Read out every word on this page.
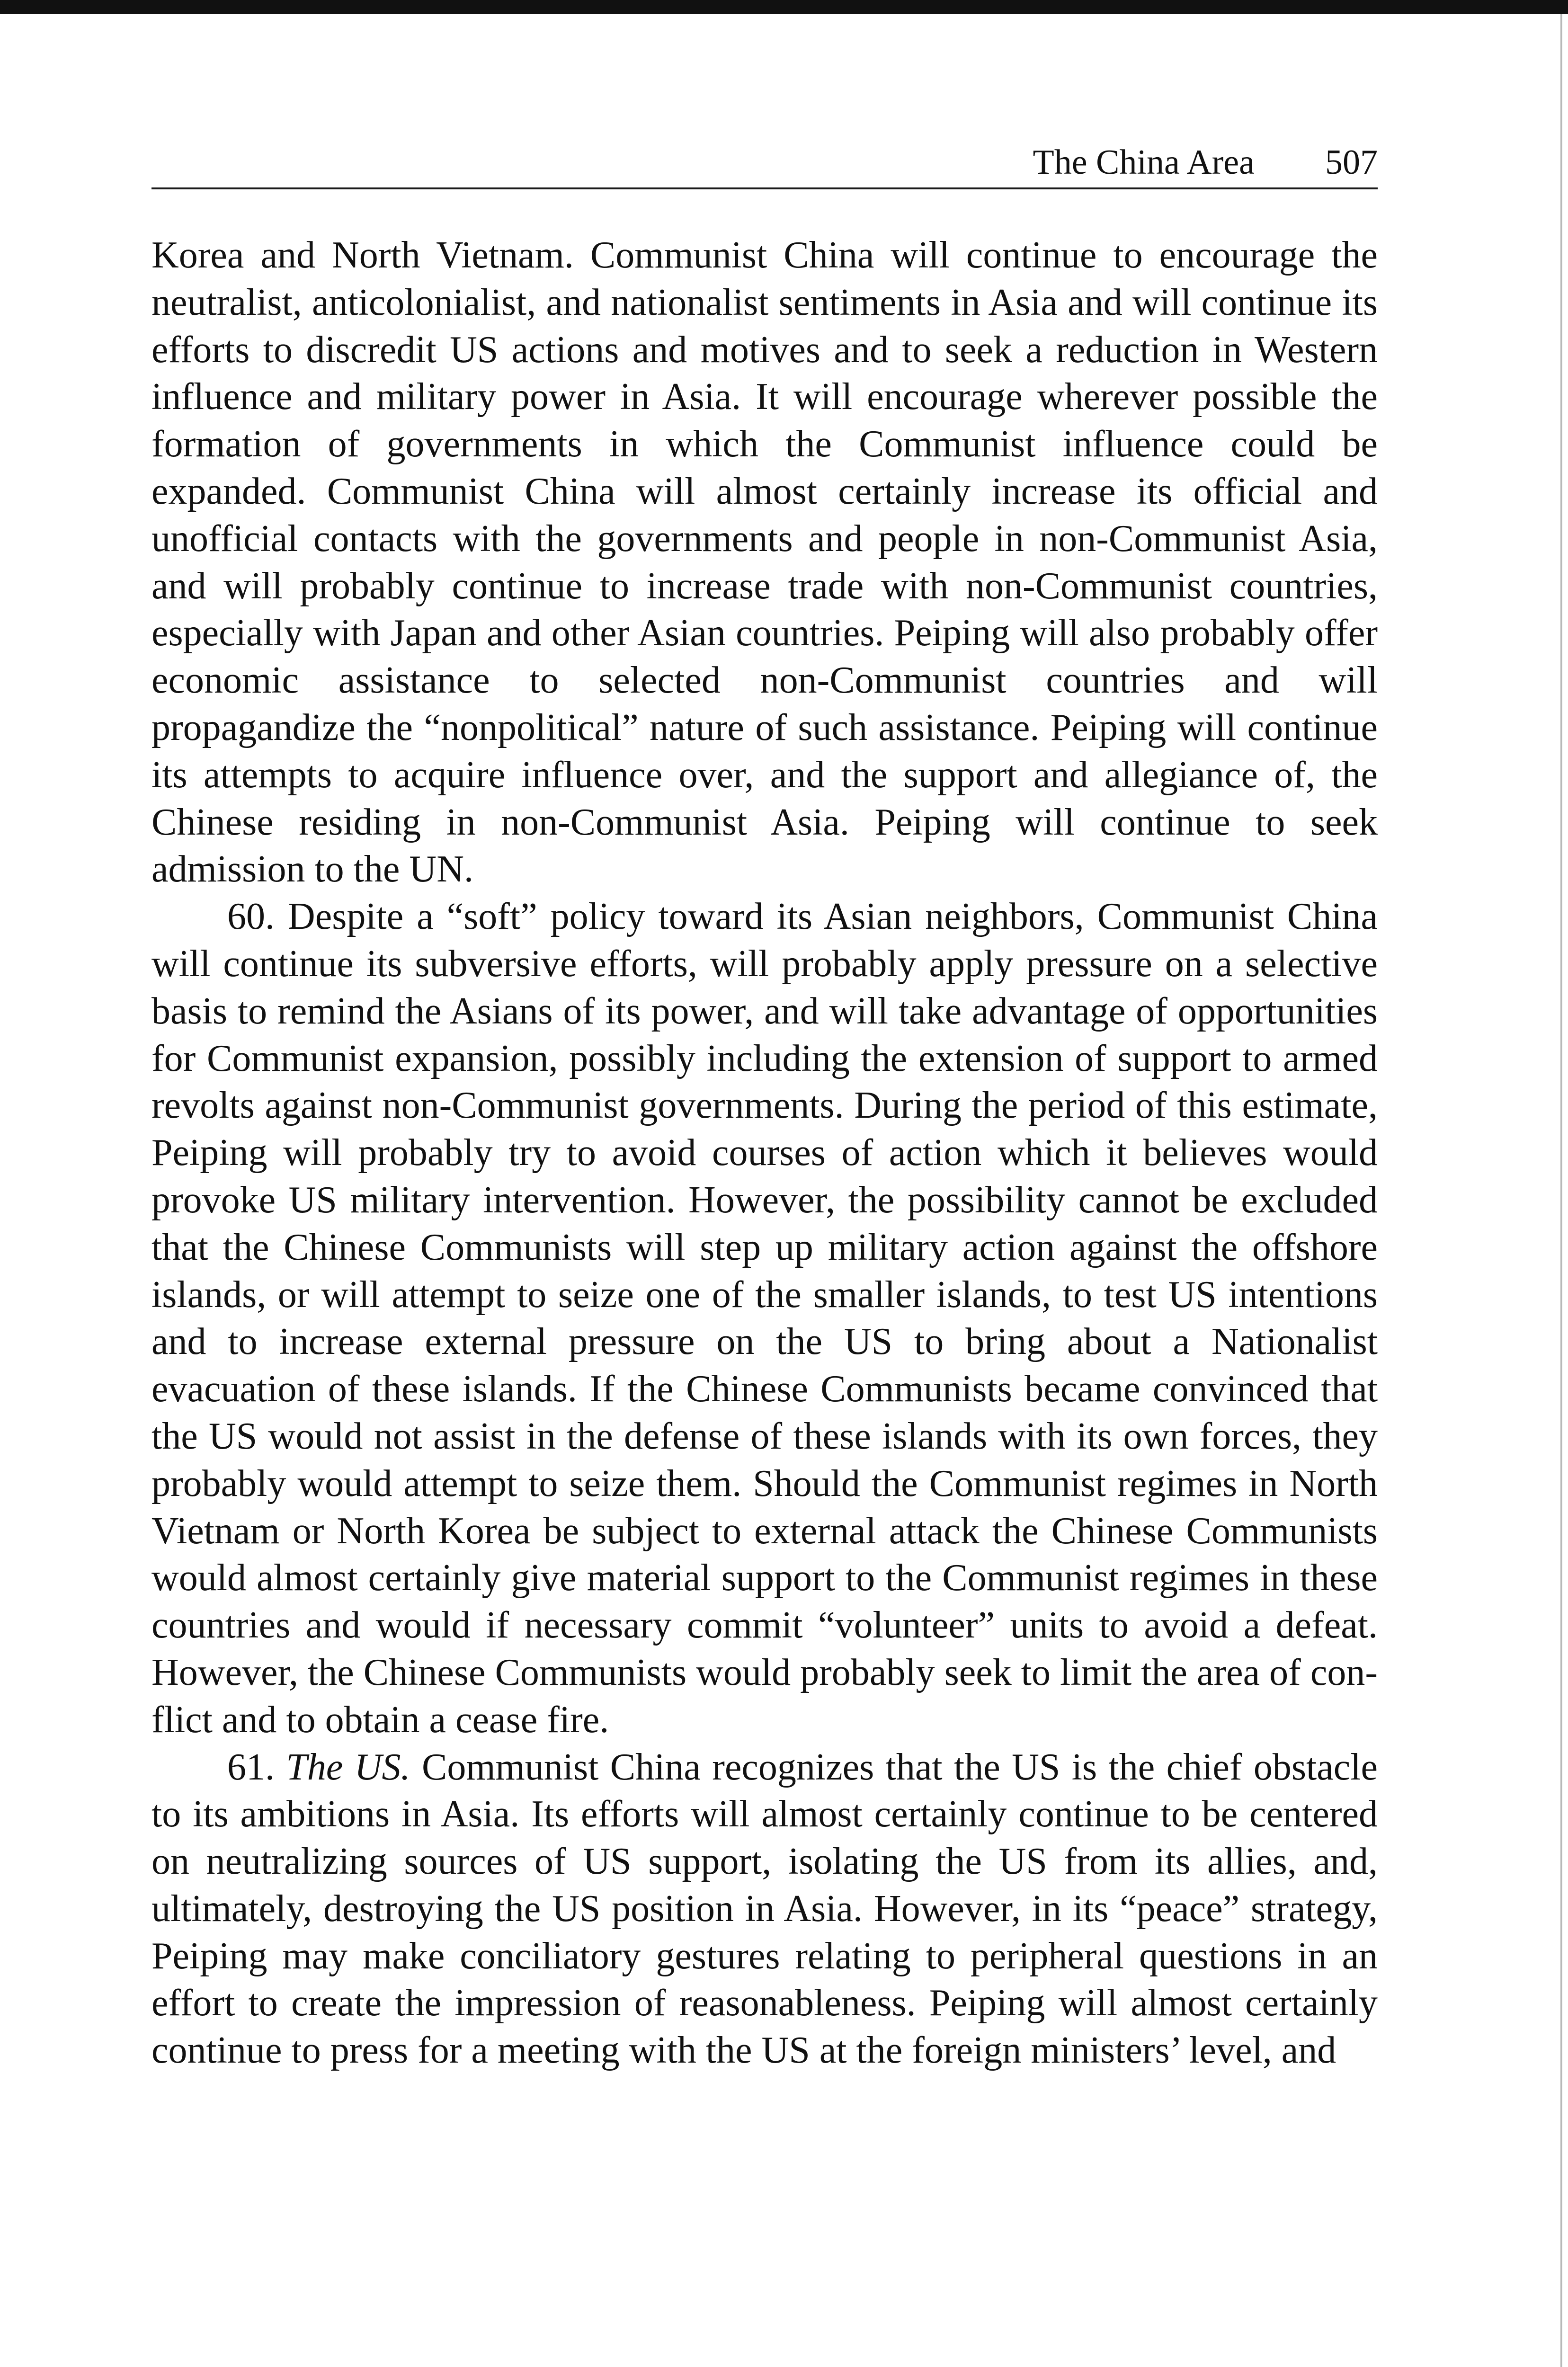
The China Area 507

Korea and North Vietnam. Communist China will continue to encourage the neutralist, anticolonialist, and nationalist sentiments in Asia and will continue its efforts to discredit US actions and motives and to seek a reduction in Western influence and military power in Asia. It will encourage wherever possible the formation of governments in which the Communist influence could be expanded. Communist China will almost certainly increase its official and unofficial contacts with the governments and people in non-Communist Asia, and will probably continue to increase trade with non-Communist countries, especially with Japan and other Asian countries. Peiping will also probably offer economic assistance to selected non-Communist countries and will propagandize the “nonpolitical” nature of such assistance. Peiping will continue its attempts to acquire influence over, and the support and allegiance of, the Chinese residing in non-Communist Asia. Peiping will continue to seek admission to the UN.

60. Despite a “soft” policy toward its Asian neighbors, Communist China will continue its subversive efforts, will probably apply pressure on a selective basis to remind the Asians of its power, and will take advantage of opportunities for Communist expansion, possibly including the extension of support to armed revolts against non-Communist governments. During the period of this estimate, Peiping will probably try to avoid courses of action which it believes would provoke US military intervention. However, the possibility cannot be excluded that the Chinese Communists will step up military action against the offshore islands, or will attempt to seize one of the smaller islands, to test US intentions and to increase external pressure on the US to bring about a Nationalist evacuation of these islands. If the Chinese Communists became convinced that the US would not assist in the defense of these islands with its own forces, they probably would attempt to seize them. Should the Communist regimes in North Vietnam or North Korea be subject to external attack the Chinese Communists would almost certainly give material support to the Communist regimes in these countries and would if necessary commit “volunteer” units to avoid a defeat. However, the Chinese Communists would probably seek to limit the area of conflict and to obtain a cease fire.

61. The US. Communist China recognizes that the US is the chief obstacle to its ambitions in Asia. Its efforts will almost certainly continue to be centered on neutralizing sources of US support, isolating the US from its allies, and, ultimately, destroying the US position in Asia. However, in its “peace” strategy, Peiping may make conciliatory gestures relating to peripheral questions in an effort to create the impression of reasonableness. Peiping will almost certainly continue to press for a meeting with the US at the foreign ministers’ level, and
